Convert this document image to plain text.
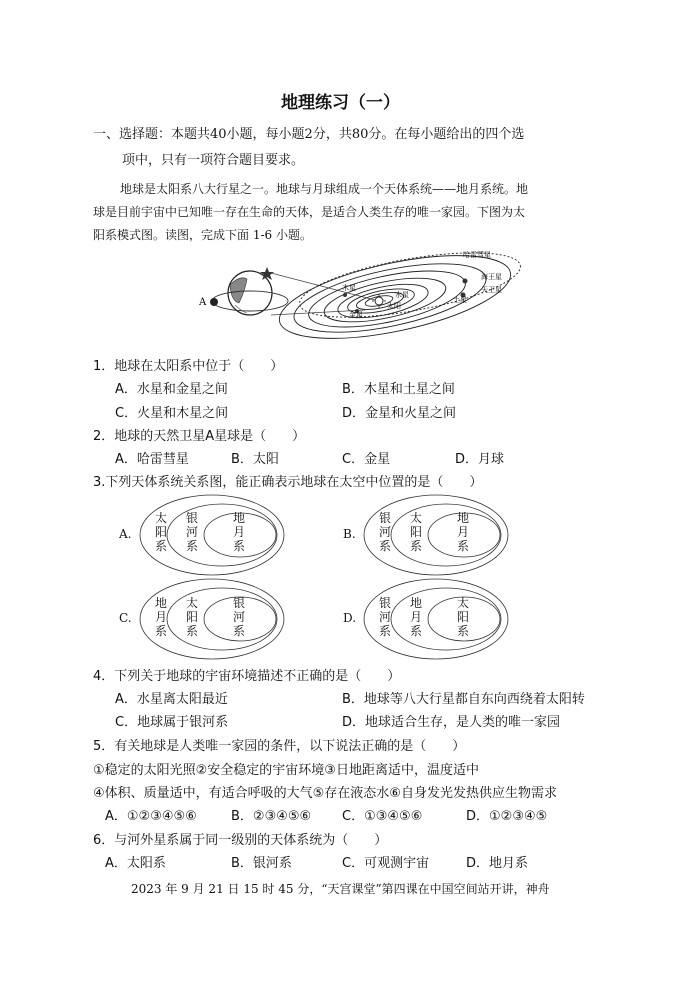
地理练习（一）
一、选择题：本题共40小题，每小题2分，共80分。在每小题给出的四个选
项中，只有一项符合题目要求。
地球是太阳系八大行星之一。地球与月球组成一个天体系统——地月系统。地
球是目前宇宙中已知唯一存在生命的天体，是适合人类生存的唯一家园。下图为太
阳系模式图。读图，完成下面 1-6 小题。
A
哈雷彗星
海王星
天王星
土星
木星
水星
太阳
金星
1．地球在太阳系中位于（　　）
A．水星和金星之间	B．木星和土星之间
C．火星和木星之间	D．金星和火星之间
2．地球的天然卫星A星球是（　　）
A．哈雷彗星	B．太阳	C．金星	D．月球
3.下列天体系统关系图，能正确表示地球在太空中位置的是（　　）
A.
太阳系
银河系
地月系
B.
银河系
太阳系
地月系
C.
地月系
太阳系
银河系
D.
银河系
地月系
太阳系
4．下列关于地球的宇宙环境描述不正确的是（　　）
A．水星离太阳最近	B．地球等八大行星都自东向西绕着太阳转
C．地球属于银河系	D．地球适合生存，是人类的唯一家园
5．有关地球是人类唯一家园的条件，以下说法正确的是（　　）
①稳定的太阳光照②安全稳定的宇宙环境③日地距离适中，温度适中
④体积、质量适中，有适合呼吸的大气⑤存在液态水⑥自身发光发热供应生物需求
A．①②③④⑤⑥	B．②③④⑤⑥ C．①③④⑤⑥	D．①②③④⑤
6．与河外星系属于同一级别的天体系统为（　　）
A．太阳系	B．银河系	C．可观测宇宙	D．地月系
2023 年 9 月 21 日 15 时 45 分，“天宫课堂”第四课在中国空间站开讲，神舟
